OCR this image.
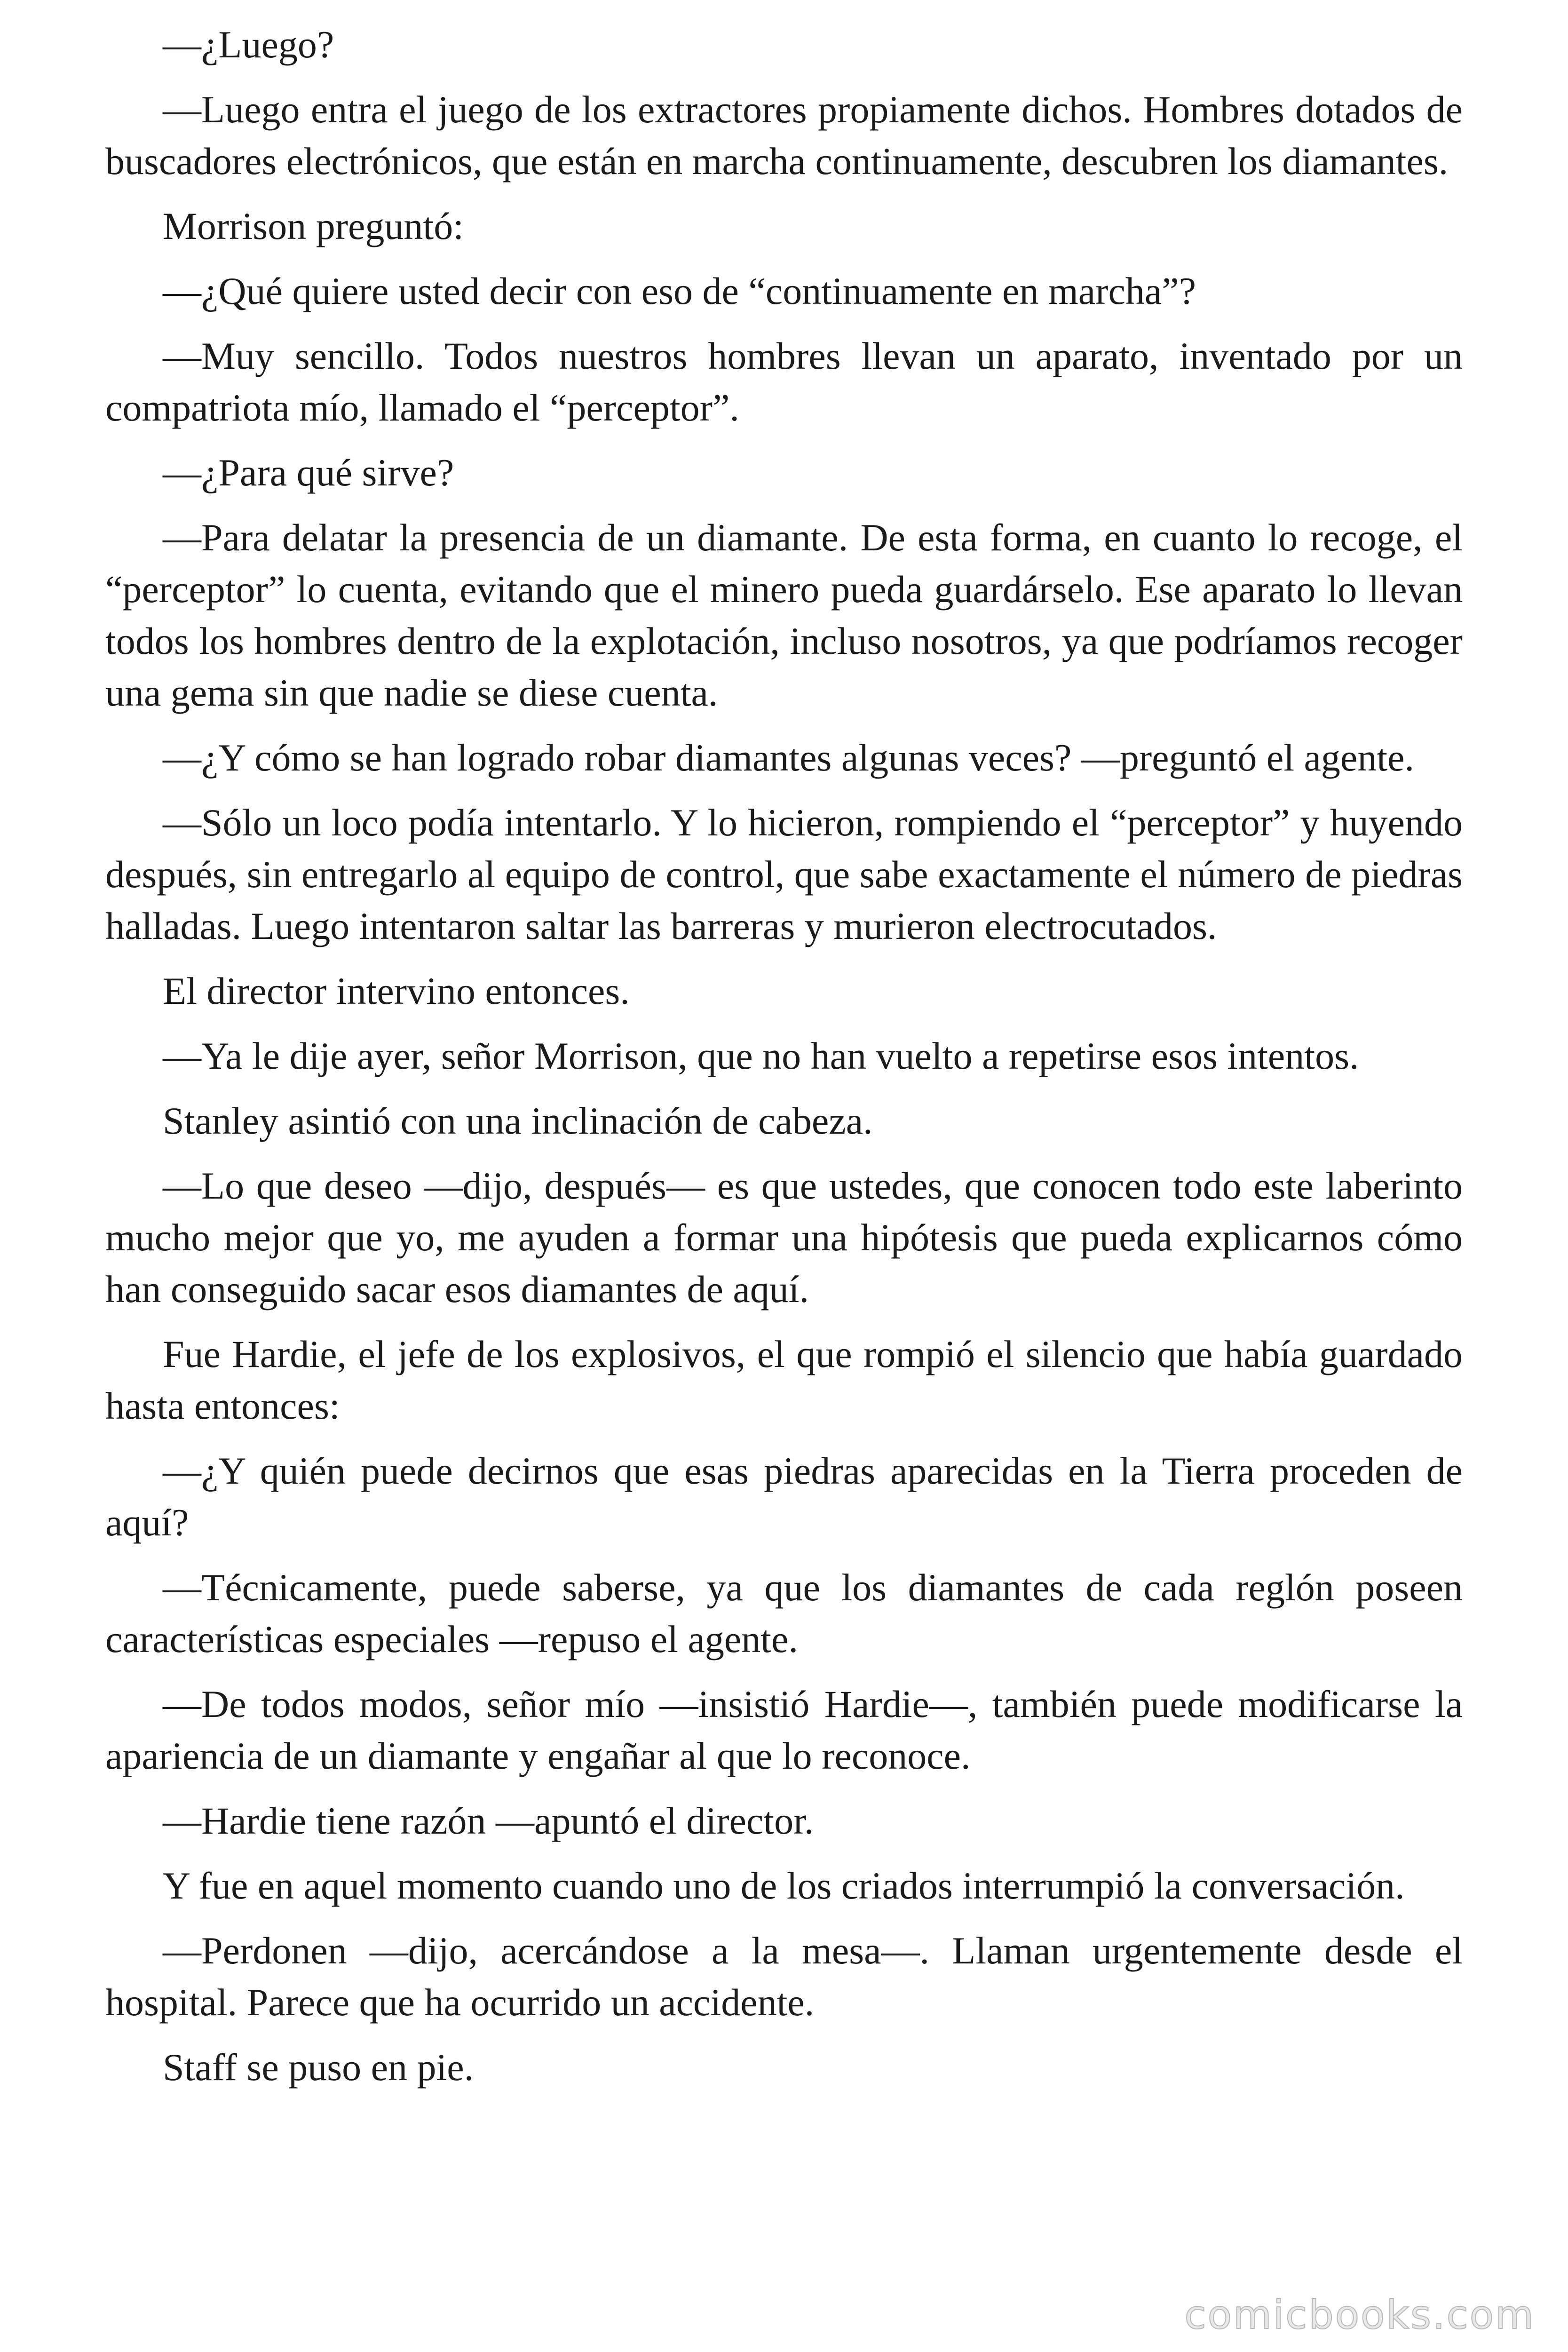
—¿Luego?

—Luego entra el juego de los extractores propiamente dichos. Hombres dotados de buscadores electrónicos, que están en marcha continuamente, descubren los diamantes.

Morrison preguntó:

—¿Qué quiere usted decir con eso de “continuamente en marcha”?

—Muy sencillo. Todos nuestros hombres llevan un aparato, inventado por un compatriota mío, llamado el “perceptor”.

—¿Para qué sirve?

—Para delatar la presencia de un diamante. De esta forma, en cuanto lo recoge, el “perceptor” lo cuenta, evitando que el minero pueda guardárselo. Ese aparato lo llevan todos los hombres dentro de la explotación, incluso nosotros, ya que podríamos recoger una gema sin que nadie se diese cuenta.

—¿Y cómo se han logrado robar diamantes algunas veces? —preguntó el agente.

—Sólo un loco podía intentarlo. Y lo hicieron, rompiendo el “perceptor” y huyendo después, sin entregarlo al equipo de control, que sabe exactamente el número de piedras halladas. Luego intentaron saltar las barreras y murieron electrocutados.

El director intervino entonces.

—Ya le dije ayer, señor Morrison, que no han vuelto a repetirse esos intentos.

Stanley asintió con una inclinación de cabeza.

—Lo que deseo —dijo, después— es que ustedes, que conocen todo este laberinto mucho mejor que yo, me ayuden a formar una hipótesis que pueda explicarnos cómo han conseguido sacar esos diamantes de aquí.

Fue Hardie, el jefe de los explosivos, el que rompió el silencio que había guardado hasta entonces:

—¿Y quién puede decirnos que esas piedras aparecidas en la Tierra proceden de aquí?

—Técnicamente, puede saberse, ya que los diamantes de cada reglón poseen características especiales —repuso el agente.

—De todos modos, señor mío —insistió Hardie—, también puede modificarse la apariencia de un diamante y engañar al que lo reconoce.

—Hardie tiene razón —apuntó el director.

Y fue en aquel momento cuando uno de los criados interrumpió la conversación.

—Perdonen —dijo, acercándose a la mesa—. Llaman urgentemente desde el hospital. Parece que ha ocurrido un accidente.

Staff se puso en pie.

comicbooks.com
